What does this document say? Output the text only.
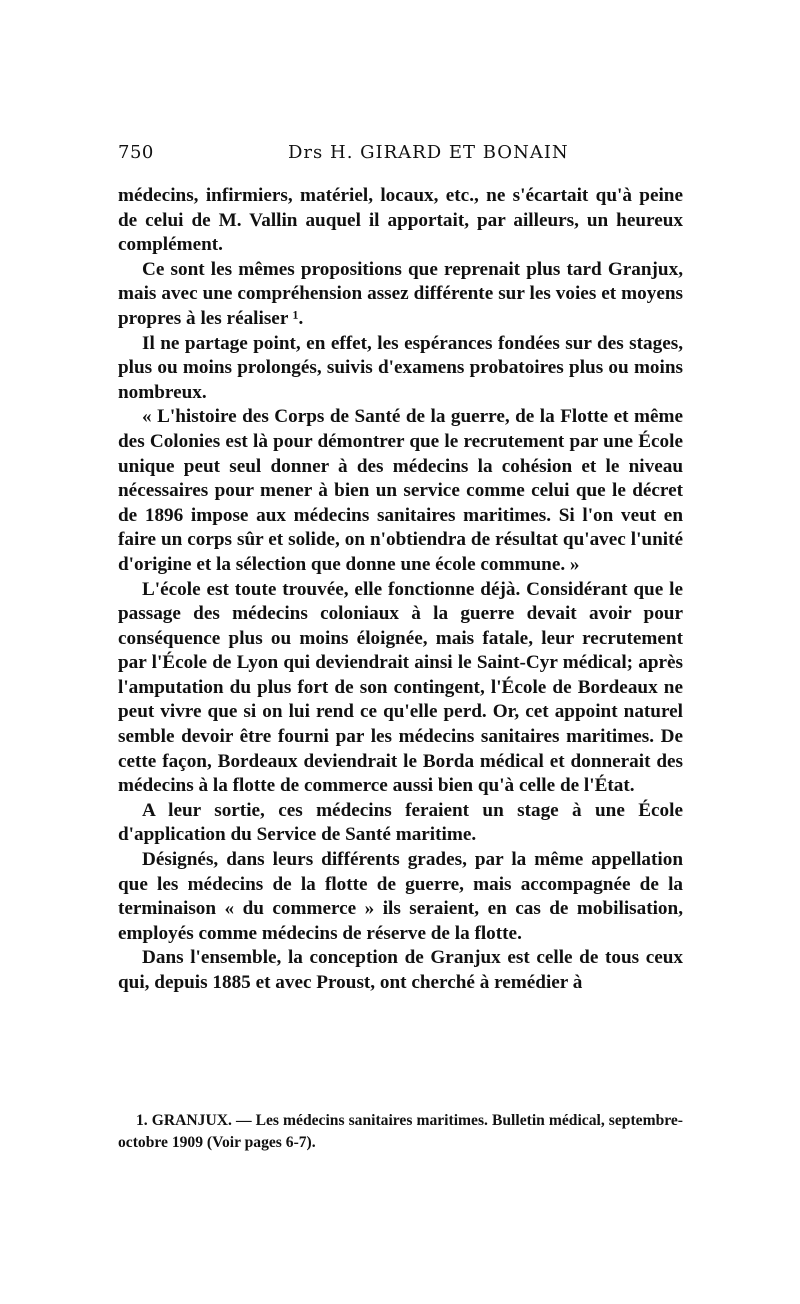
750	Drs H. GIRARD ET BONAIN

médecins, infirmiers, matériel, locaux, etc., ne s'écartait qu'à peine de celui de M. Vallin auquel il apportait, par ailleurs, un heureux complément.

Ce sont les mêmes propositions que reprenait plus tard Granjux, mais avec une compréhension assez différente sur les voies et moyens propres à les réaliser ¹.

Il ne partage point, en effet, les espérances fondées sur des stages, plus ou moins prolongés, suivis d'examens probatoires plus ou moins nombreux.

« L'histoire des Corps de Santé de la guerre, de la Flotte et même des Colonies est là pour démontrer que le recrutement par une École unique peut seul donner à des médecins la cohésion et le niveau nécessaires pour mener à bien un service comme celui que le décret de 1896 impose aux médecins sanitaires maritimes. Si l'on veut en faire un corps sûr et solide, on n'obtiendra de résultat qu'avec l'unité d'origine et la sélection que donne une école commune. »

L'école est toute trouvée, elle fonctionne déjà. Considérant que le passage des médecins coloniaux à la guerre devait avoir pour conséquence plus ou moins éloignée, mais fatale, leur recrutement par l'École de Lyon qui deviendrait ainsi le Saint-Cyr médical; après l'amputation du plus fort de son contingent, l'École de Bordeaux ne peut vivre que si on lui rend ce qu'elle perd. Or, cet appoint naturel semble devoir être fourni par les médecins sanitaires maritimes. De cette façon, Bordeaux deviendrait le Borda médical et donnerait des médecins à la flotte de commerce aussi bien qu'à celle de l'État.

A leur sortie, ces médecins feraient un stage à une École d'application du Service de Santé maritime.

Désignés, dans leurs différents grades, par la même appellation que les médecins de la flotte de guerre, mais accompagnée de la terminaison « du commerce » ils seraient, en cas de mobilisation, employés comme médecins de réserve de la flotte.

Dans l'ensemble, la conception de Granjux est celle de tous ceux qui, depuis 1885 et avec Proust, ont cherché à remédier à

1. GRANJUX. — Les médecins sanitaires maritimes. Bulletin médical, septembre-octobre 1909 (Voir pages 6-7).
